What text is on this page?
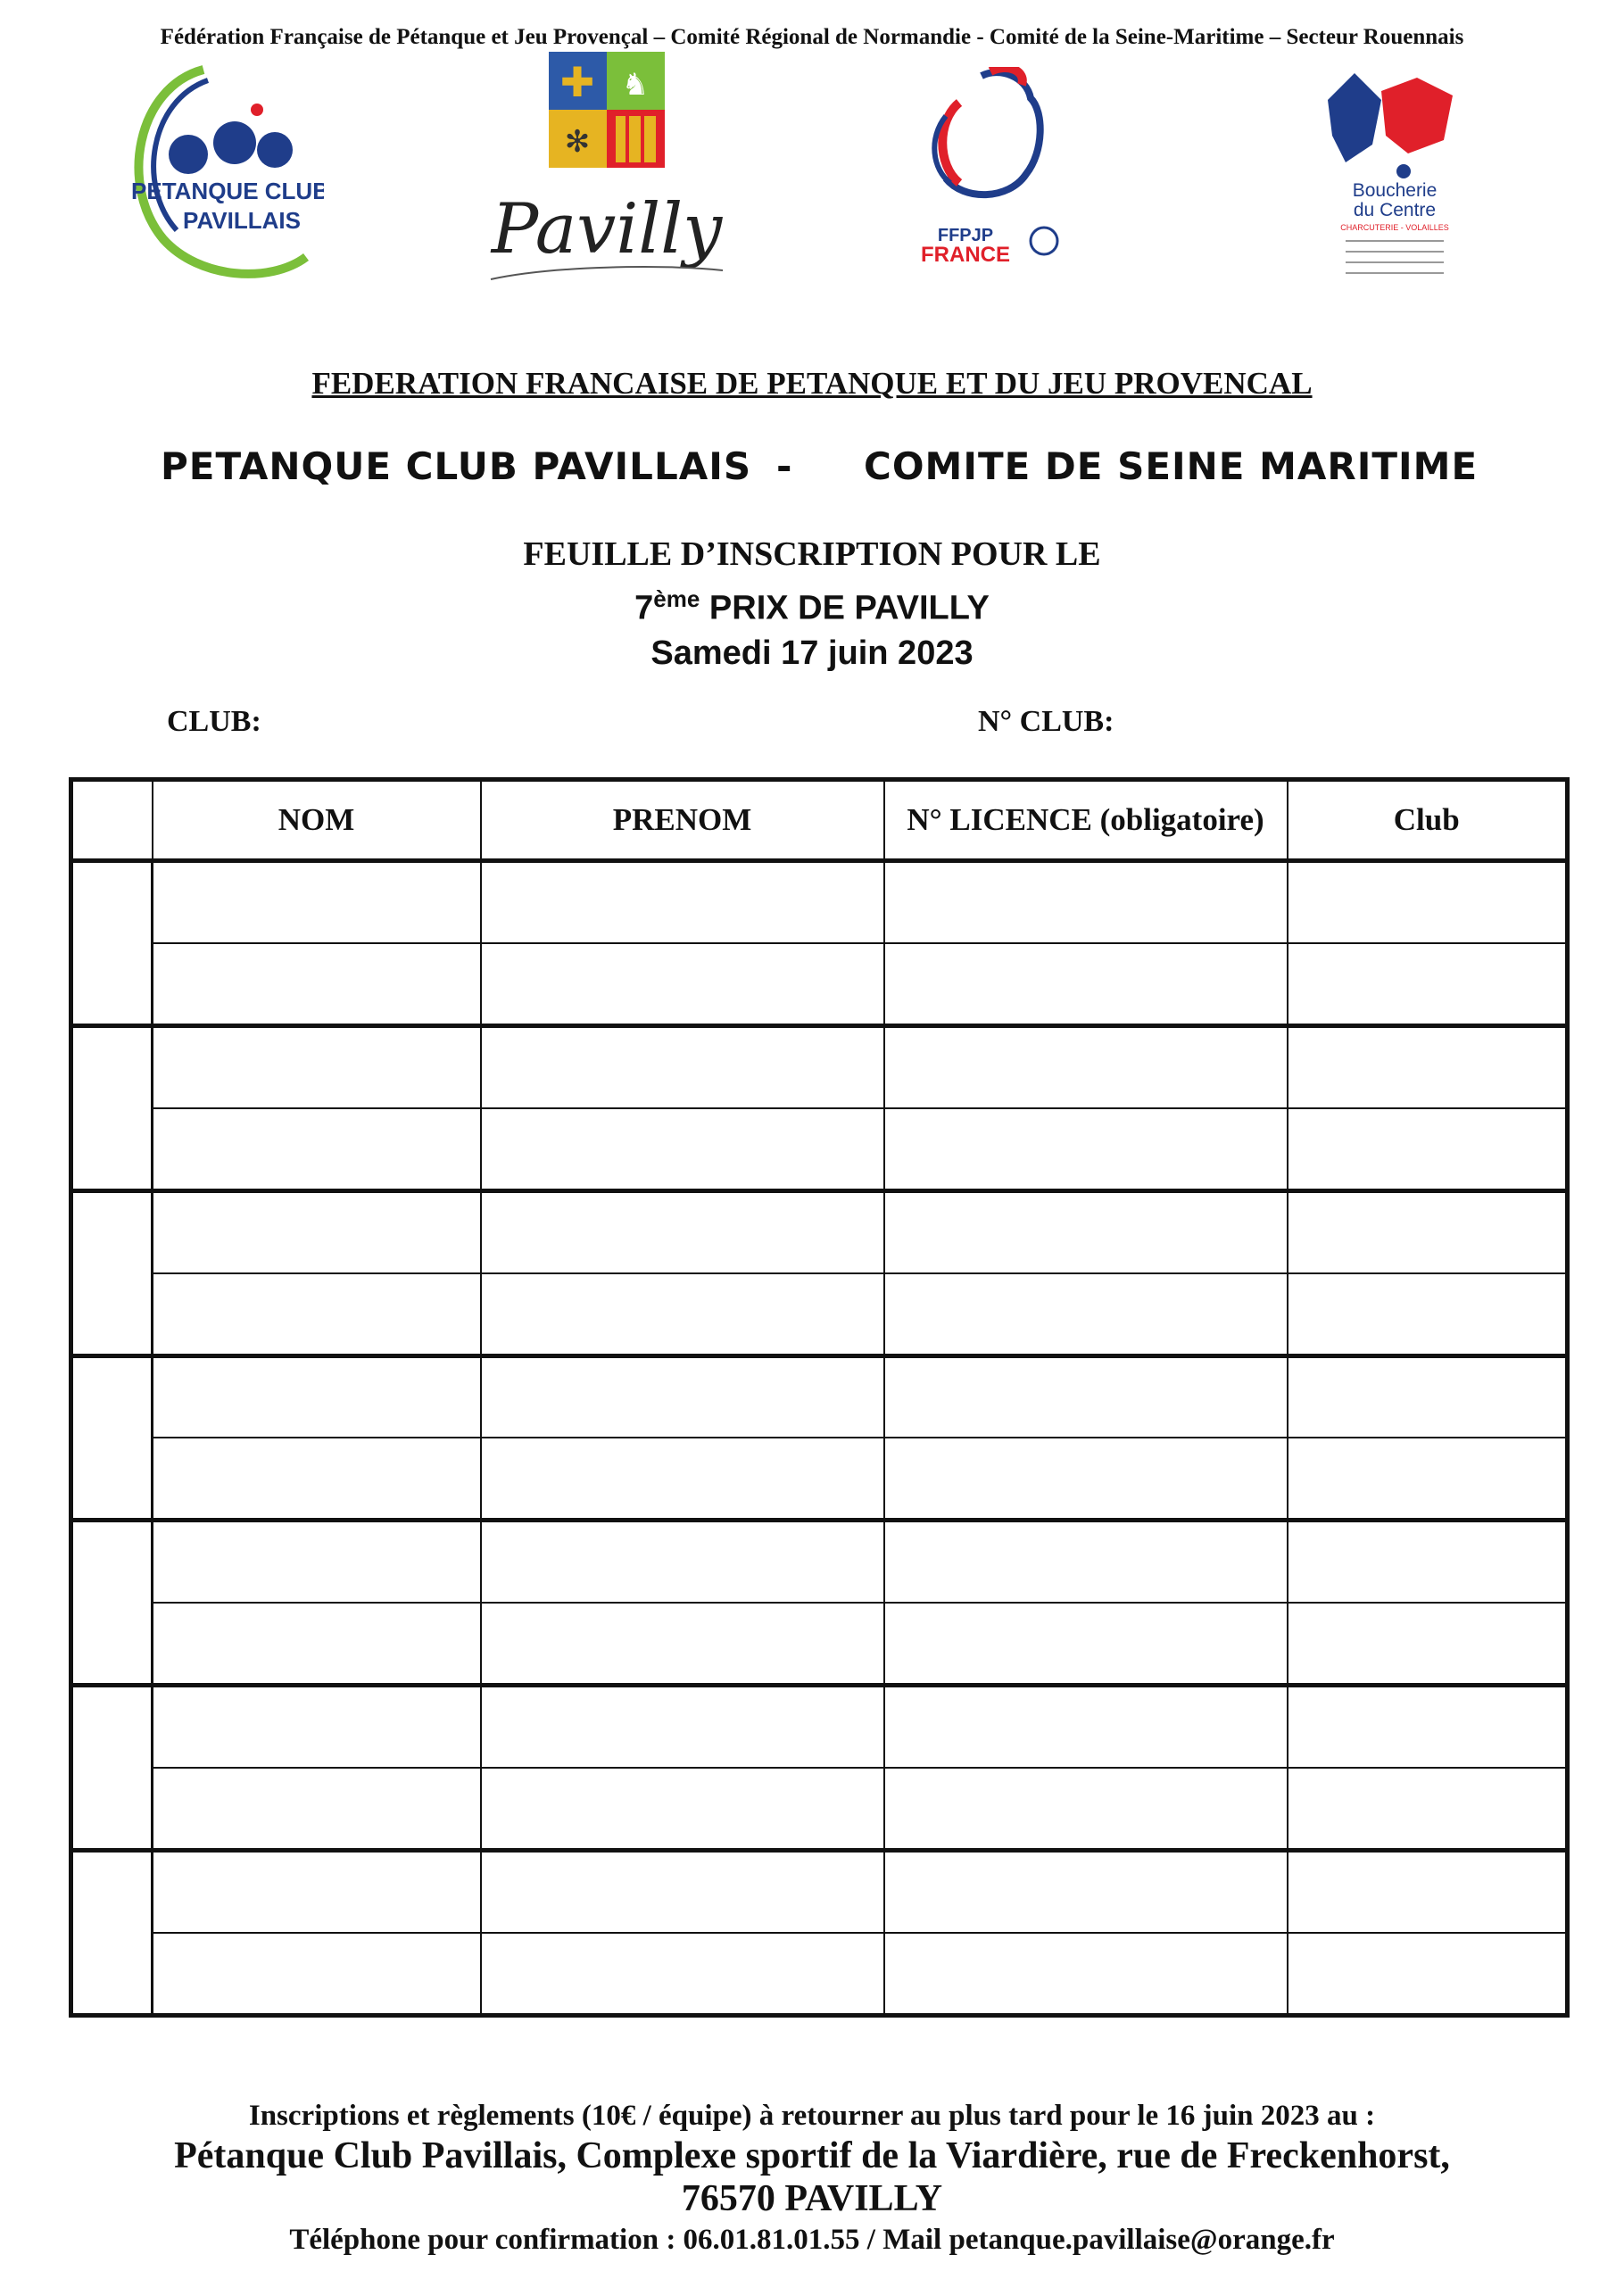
Fédération Française de Pétanque et Jeu Provençal – Comité Régional de Normandie - Comité de la Seine-Maritime – Secteur Rouennais
PETANQUE CLUB
PAVILLAIS
✚ ♞
✻
Pavilly	FFPJP
FRANCE
Boucherie
du Centre
CHARCUTERIE - VOLAILLES
FEDERATION FRANCAISE DE PETANQUE ET DU JEU PROVENCAL
PETANQUE CLUB PAVILLAIS - COMITE DE SEINE MARITIME
FEUILLE D’INSCRIPTION POUR LE
7ème PRIX DE PAVILLY
Samedi 17 juin 2023
CLUB:	N° CLUB:
	NOM	PRENOM	N° LICENCE (obligatoire)	Club

Inscriptions et règlements (10€ / équipe) à retourner au plus tard pour le 16 juin 2023 au :
Pétanque Club Pavillais, Complexe sportif de la Viardière, rue de Freckenhorst,
76570 PAVILLY
Téléphone pour confirmation : 06.01.81.01.55 / Mail petanque.pavillaise@orange.fr
